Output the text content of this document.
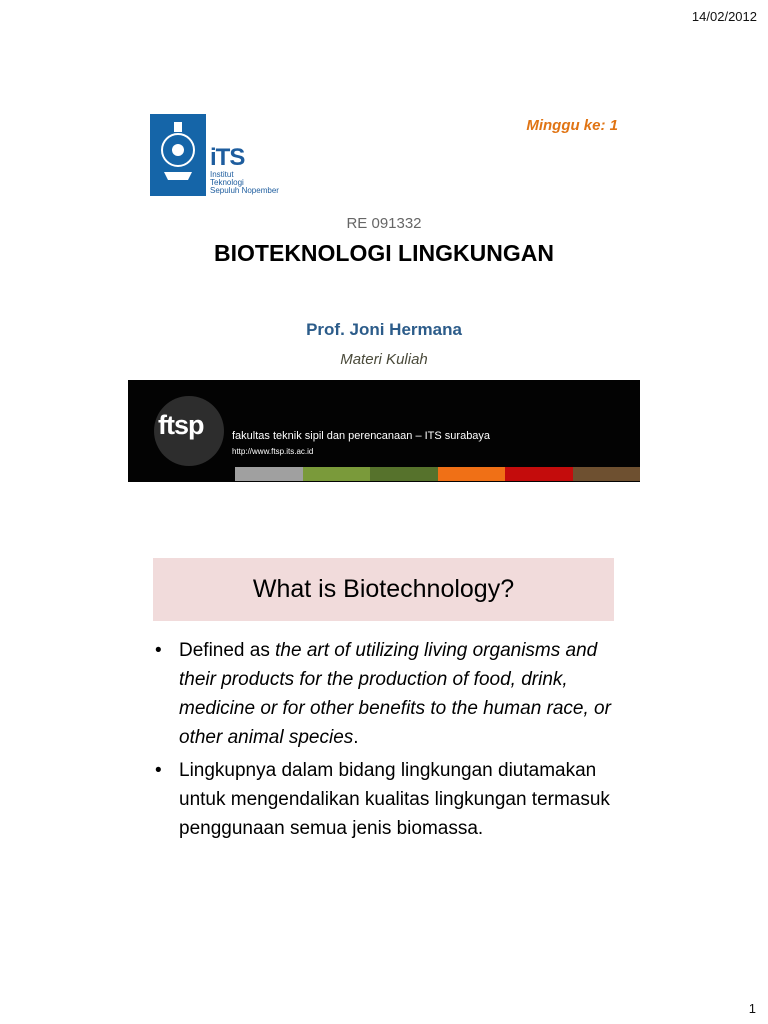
14/02/2012
iTS
Institut
Teknologi
Sepuluh Nopember
Minggu ke: 1
RE 091332
BIOTEKNOLOGI LINGKUNGAN
Prof. Joni Hermana
Materi Kuliah
ftsp	fakultas teknik sipil dan perencanaan – ITS surabaya
http://www.ftsp.its.ac.id
What is Biotechnology?
• Defined as the art of utilizing living organisms and their products for the production of food, drink, medicine or for other benefits to the human race, or other animal species.
• Lingkupnya dalam bidang lingkungan diutamakan untuk mengendalikan kualitas lingkungan termasuk penggunaan semua jenis biomassa.
1
